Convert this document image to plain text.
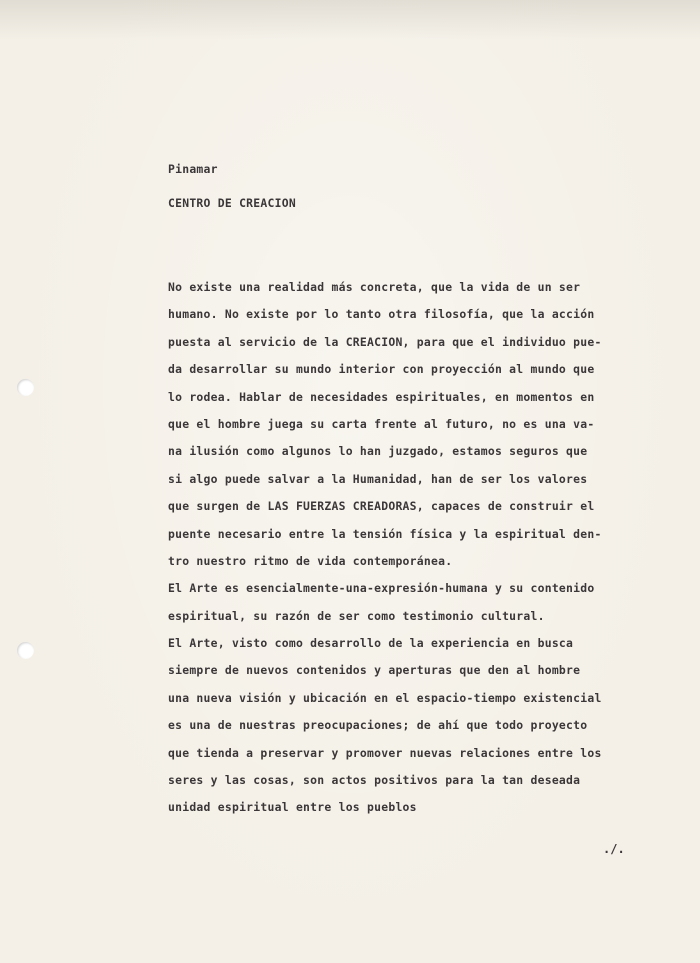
Pinamar
CENTRO DE CREACION
No existe una realidad más concreta, que la vida de un ser
humano. No existe por lo tanto otra filosofía, que la acción
puesta al servicio de la CREACION, para que el individuo pue-
da desarrollar su mundo interior con proyección al mundo que
lo rodea. Hablar de necesidades espirituales, en momentos en
que el hombre juega su carta frente al futuro, no es una va-
na ilusión como algunos lo han juzgado, estamos seguros que
si algo puede salvar a la Humanidad, han de ser los valores
que surgen de LAS FUERZAS CREADORAS, capaces de construir el
puente necesario entre la tensión física y la espiritual den-
tro nuestro ritmo de vida contemporánea.
El Arte es esencialmente-una-expresión-humana y su contenido
espiritual, su razón de ser como testimonio cultural.
El Arte, visto como desarrollo de la experiencia en busca
siempre de nuevos contenidos y aperturas que den al hombre
una nueva visión y ubicación en el espacio-tiempo existencial
es una de nuestras preocupaciones; de ahí que todo proyecto
que tienda a preservar y promover nuevas relaciones entre los
seres y las cosas, son actos positivos para la tan deseada
unidad espiritual entre los pueblos
./.
